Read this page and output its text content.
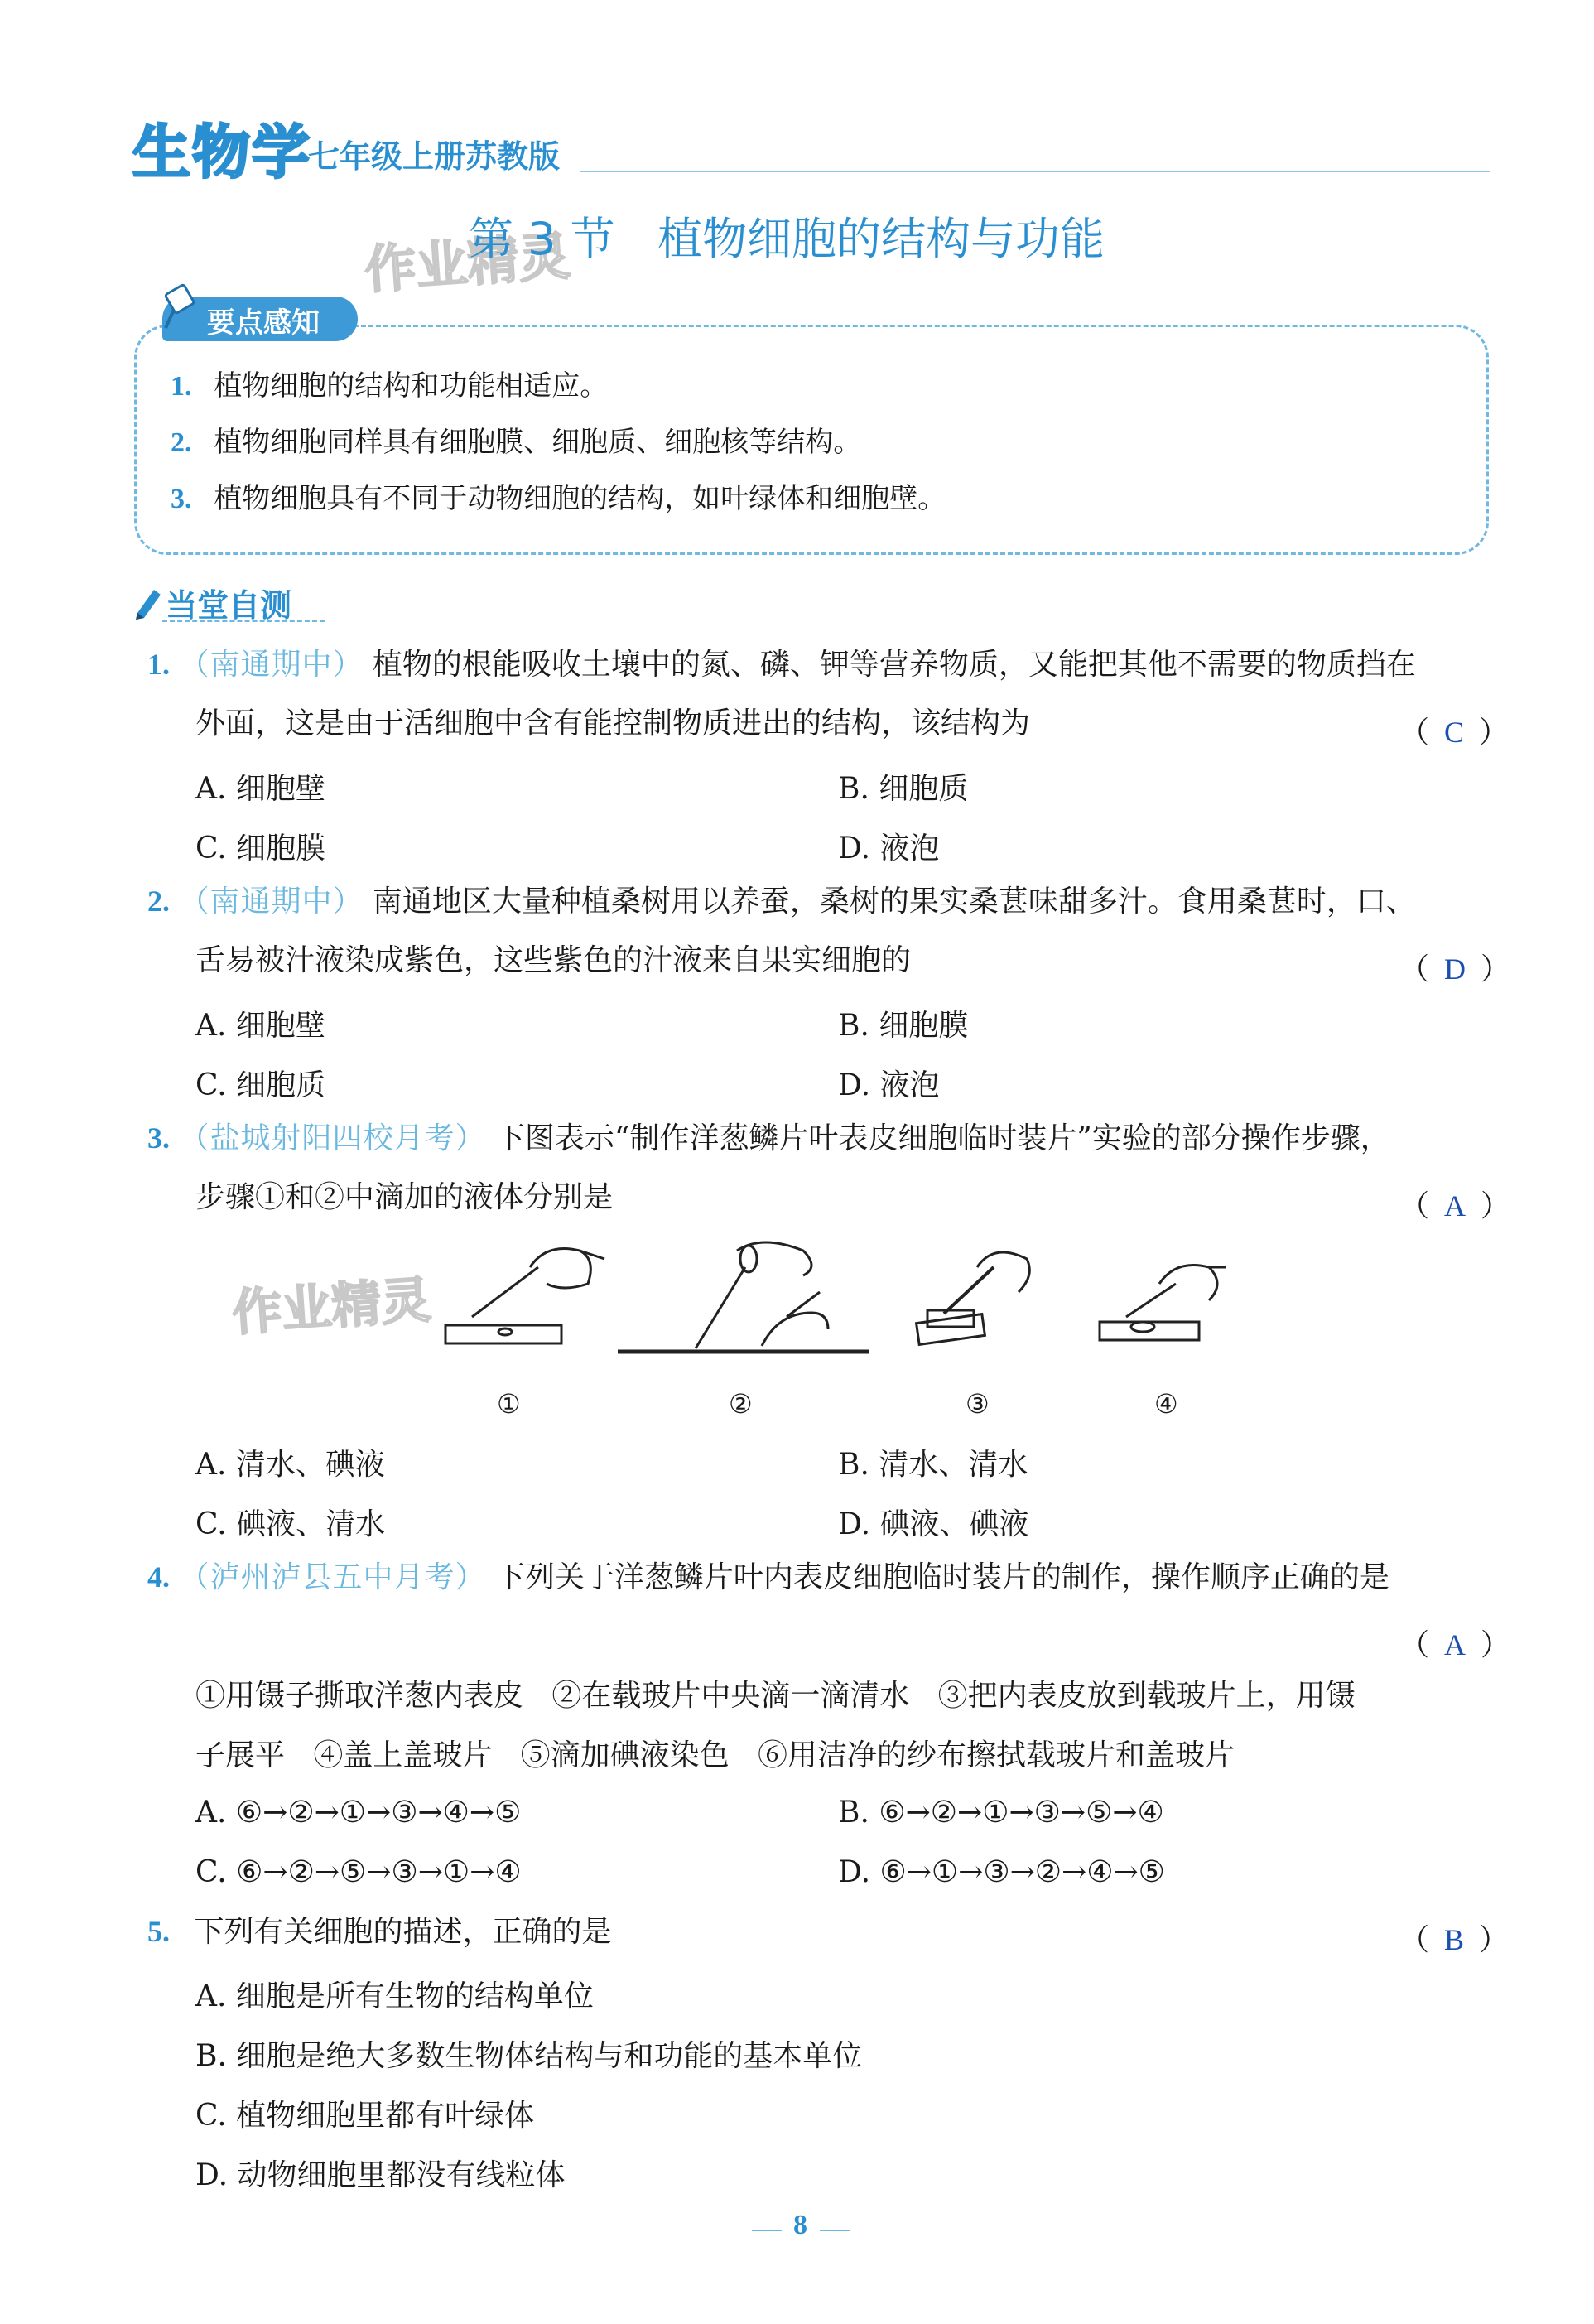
生物学
七年级上册苏教版
作业精灵
第 3 节   植物细胞的结构与功能
要点感知
1. 植物细胞的结构和功能相适应。
2. 植物细胞同样具有细胞膜、细胞质、细胞核等结构。
3. 植物细胞具有不同于动物细胞的结构，如叶绿体和细胞壁。
当堂自测
1. （南通期中） 植物的根能吸收土壤中的氮、磷、钾等营养物质，又能把其他不需要的物质挡在
外面，这是由于活细胞中含有能控制物质进出的结构，该结构为	（  C  ）
A. 细胞壁	B. 细胞质
C. 细胞膜	D. 液泡
2. （南通期中） 南通地区大量种植桑树用以养蚕，桑树的果实桑葚味甜多汁。食用桑葚时，口、
舌易被汁液染成紫色，这些紫色的汁液来自果实细胞的	（  D  ）
A. 细胞壁	B. 细胞膜
C. 细胞质	D. 液泡
3. （盐城射阳四校月考） 下图表示“制作洋葱鳞片叶表皮细胞临时装片”实验的部分操作步骤，
步骤①和②中滴加的液体分别是	（  A  ）
作业精灵
①	②	③	④
A. 清水、碘液	B. 清水、清水
C. 碘液、清水	D. 碘液、碘液
4. （泸州泸县五中月考） 下列关于洋葱鳞片叶内表皮细胞临时装片的制作，操作顺序正确的是
（  A  ）
①用镊子撕取洋葱内表皮   ②在载玻片中央滴一滴清水   ③把内表皮放到载玻片上，用镊
子展平   ④盖上盖玻片   ⑤滴加碘液染色   ⑥用洁净的纱布擦拭载玻片和盖玻片
A. ⑥→②→①→③→④→⑤	B. ⑥→②→①→③→⑤→④
C. ⑥→②→⑤→③→①→④	D. ⑥→①→③→②→④→⑤
5. 下列有关细胞的描述，正确的是	（  B  ）
A. 细胞是所有生物的结构单位
B. 细胞是绝大多数生物体结构与和功能的基本单位
C. 植物细胞里都有叶绿体
D. 动物细胞里都没有线粒体
8
